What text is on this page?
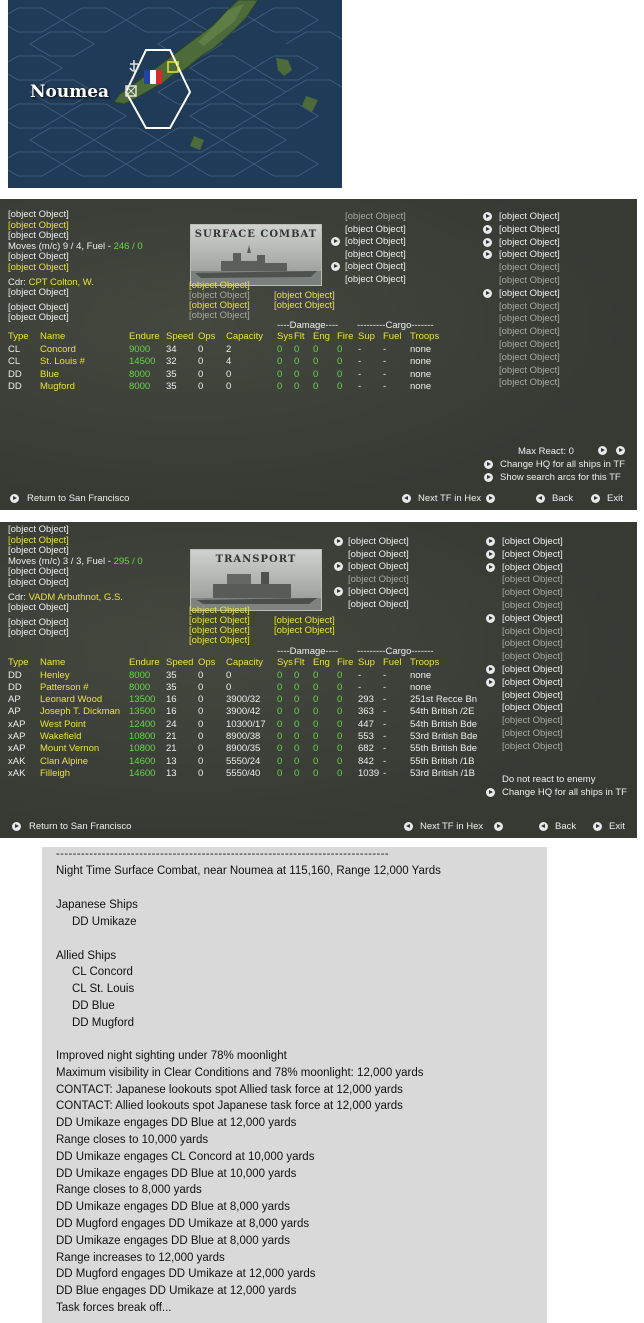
Noumea
[object Object]
[object Object]
[object Object]
Moves (m/c) 9 / 4, Fuel - 246 / 0
[object Object]
[object Object]
Cdr: CPT Colton, W.
[object Object]
[object Object]
[object Object]
SURFACE COMBAT
[object Object]
[object Object]
[object Object]
[object Object]
[object Object]
[object Object]
[object Object]
[object Object]
[object Object]
[object Object]
[object Object]
[object Object]
[object Object]
[object Object]
[object Object]
[object Object]
[object Object]
[object Object]
[object Object]
[object Object]
[object Object]
[object Object]
[object Object]
[object Object]
[object Object]
[object Object]
----Damage---- ---------Cargo-------
Type Name	Endure Speed Ops Capacity Sys Flt Eng Fire Sup Fuel Troops
CL Concord	9000 34 0 2	0 0 0 0 - -	none
CL St. Louis #	14500 32 0 4	0 0 0 0 - -	none
DD Blue	8000 35 0 0	0 0 0 0 - -	none
DD Mugford	8000 35 0 0	0 0 0 0 - -	none
Max React: 0
Change HQ for all ships in TF
Show search arcs for this TF
Return to San Francisco	Next TF in Hex	Back	Exit
[object Object]
[object Object]
[object Object]
Moves (m/c) 3 / 3, Fuel - 295 / 0
[object Object]
[object Object]
Cdr: VADM Arbuthnot, G.S.
[object Object]
[object Object]
[object Object]
TRANSPORT
[object Object]
[object Object]
[object Object]
[object Object]
[object Object]
[object Object]
[object Object]
[object Object]
[object Object]
[object Object]
[object Object]
[object Object]
[object Object]
[object Object]
[object Object]
[object Object]
[object Object]
[object Object]
[object Object]
[object Object]
[object Object]
[object Object]
[object Object]
[object Object]
[object Object]
[object Object]
[object Object]
[object Object]
[object Object]
----Damage---- ---------Cargo-------
Type Name	Endure Speed Ops Capacity Sys Flt Eng Fire Sup Fuel Troops
DD Henley	8000 35 0 0	0 0 0 0 - -	none
DD Patterson #	8000 35 0 0	0 0 0 0 - -	none
AP Leonard Wood	13500 16 0 3900/32 0 0 0 0 293 -	251st Recce Bn
AP Joseph T. Dickman 13500 16 0 3900/42 0 0 0 0 363 -	54th British /2E
xAP West Point	12400 24 0 10300/17 0 0 0 0 447 -	54th British Bde
xAP Wakefield	10800 21 0 8900/38 0 0 0 0 553 -	53rd British Bde
xAP Mount Vernon	10800 21 0 8900/35 0 0 0 0 682 -	55th British Bde
xAK Clan Alpine	14600 13 0 5550/24 0 0 0 0 842 -	55th British /1B
xAK Filleigh	14600 13 0 5550/40 0 0 0 0 1039 -	53rd British /1B
Do not react to enemy
Change HQ for all ships in TF
Return to San Francisco	Next TF in Hex	Back	Exit
--------------------------------------------------------------------------------
Night Time Surface Combat, near Noumea at 115,160, Range 12,000 Yards
Japanese Ships
DD Umikaze
Allied Ships
CL Concord
CL St. Louis
DD Blue
DD Mugford
Improved night sighting under 78% moonlight
Maximum visibility in Clear Conditions and 78% moonlight: 12,000 yards
CONTACT: Japanese lookouts spot Allied task force at 12,000 yards
CONTACT: Allied lookouts spot Japanese task force at 12,000 yards
DD Umikaze engages DD Blue at 12,000 yards
Range closes to 10,000 yards
DD Umikaze engages CL Concord at 10,000 yards
DD Umikaze engages DD Blue at 10,000 yards
Range closes to 8,000 yards
DD Umikaze engages DD Blue at 8,000 yards
DD Mugford engages DD Umikaze at 8,000 yards
DD Umikaze engages DD Blue at 8,000 yards
Range increases to 12,000 yards
DD Mugford engages DD Umikaze at 12,000 yards
DD Blue engages DD Umikaze at 12,000 yards
Task forces break off...
